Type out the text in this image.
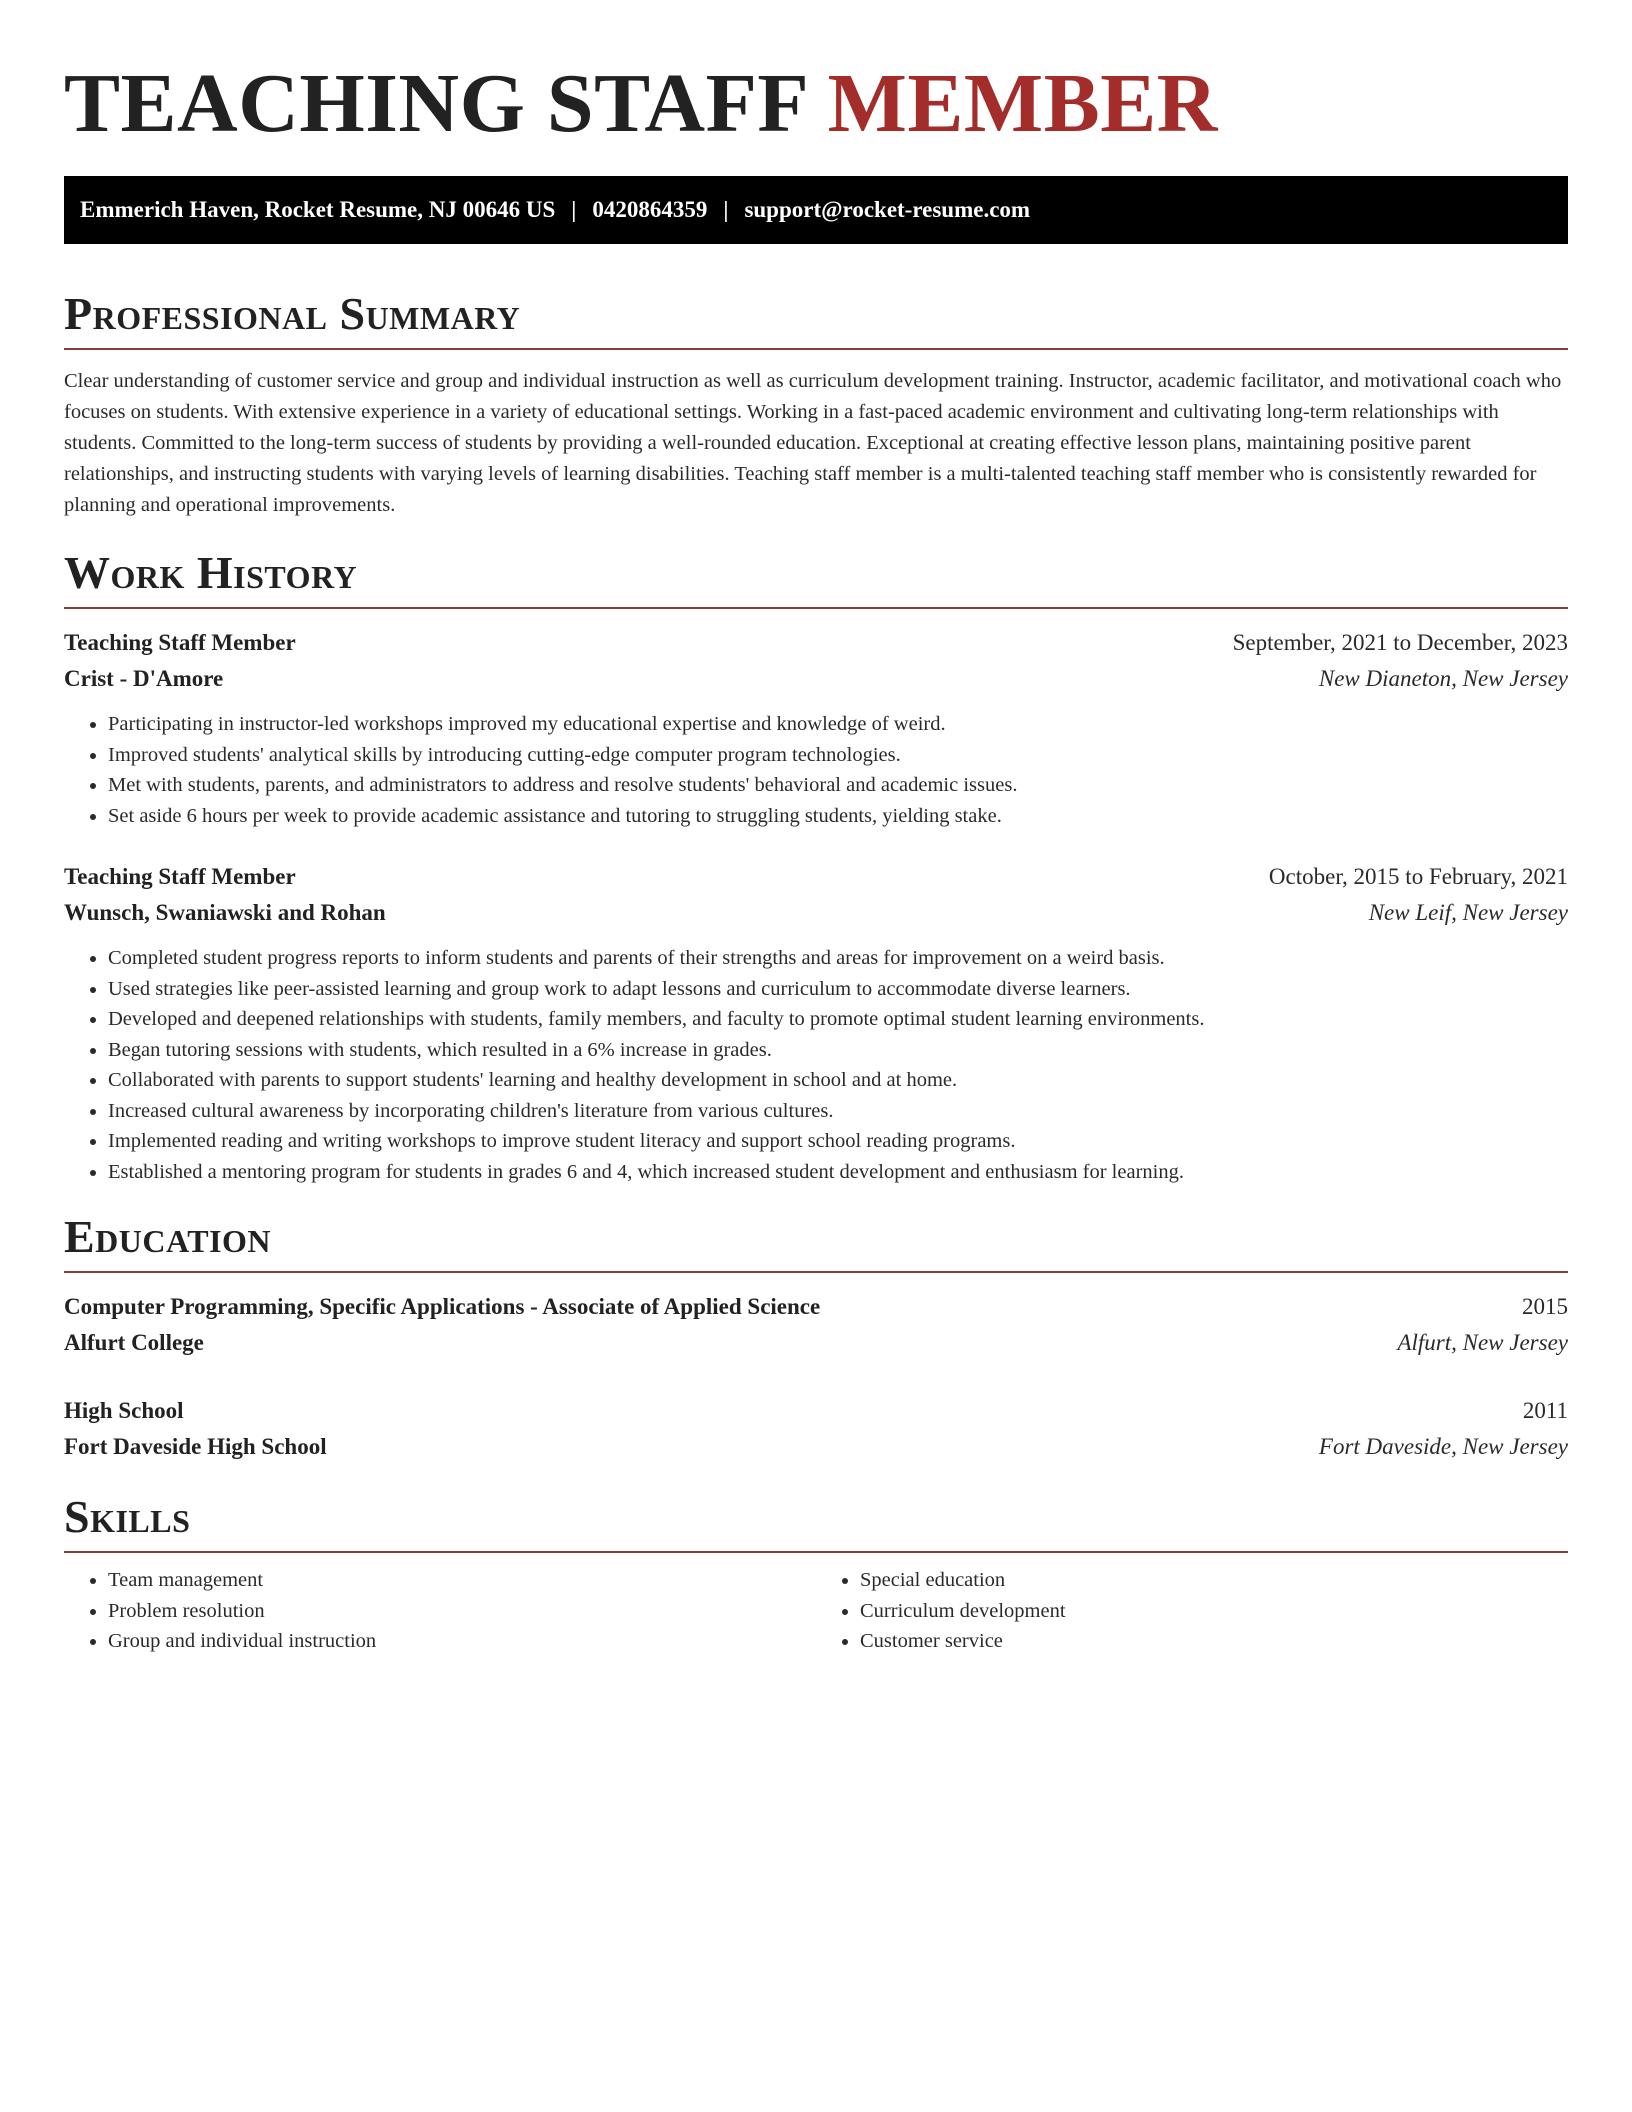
TEACHING STAFF MEMBER
Emmerich Haven, Rocket Resume, NJ 00646 US | 0420864359 | support@rocket-resume.com
Professional Summary
Clear understanding of customer service and group and individual instruction as well as curriculum development training. Instructor, academic facilitator, and motivational coach who focuses on students. With extensive experience in a variety of educational settings. Working in a fast-paced academic environment and cultivating long-term relationships with students. Committed to the long-term success of students by providing a well-rounded education. Exceptional at creating effective lesson plans, maintaining positive parent relationships, and instructing students with varying levels of learning disabilities. Teaching staff member is a multi-talented teaching staff member who is consistently rewarded for planning and operational improvements.
Work History
Teaching Staff Member	September, 2021 to December, 2023
Crist - D'Amore	New Dianeton, New Jersey
• Participating in instructor-led workshops improved my educational expertise and knowledge of weird.
• Improved students' analytical skills by introducing cutting-edge computer program technologies.
• Met with students, parents, and administrators to address and resolve students' behavioral and academic issues.
• Set aside 6 hours per week to provide academic assistance and tutoring to struggling students, yielding stake.
Teaching Staff Member	October, 2015 to February, 2021
Wunsch, Swaniawski and Rohan	New Leif, New Jersey
• Completed student progress reports to inform students and parents of their strengths and areas for improvement on a weird basis.
• Used strategies like peer-assisted learning and group work to adapt lessons and curriculum to accommodate diverse learners.
• Developed and deepened relationships with students, family members, and faculty to promote optimal student learning environments.
• Began tutoring sessions with students, which resulted in a 6% increase in grades.
• Collaborated with parents to support students' learning and healthy development in school and at home.
• Increased cultural awareness by incorporating children's literature from various cultures.
• Implemented reading and writing workshops to improve student literacy and support school reading programs.
• Established a mentoring program for students in grades 6 and 4, which increased student development and enthusiasm for learning.
Education
Computer Programming, Specific Applications - Associate of Applied Science	2015
Alfurt College	Alfurt, New Jersey
High School	2011
Fort Daveside High School	Fort Daveside, New Jersey
Skills
• Team management
• Problem resolution
• Group and individual instruction
• Special education
• Curriculum development
• Customer service
